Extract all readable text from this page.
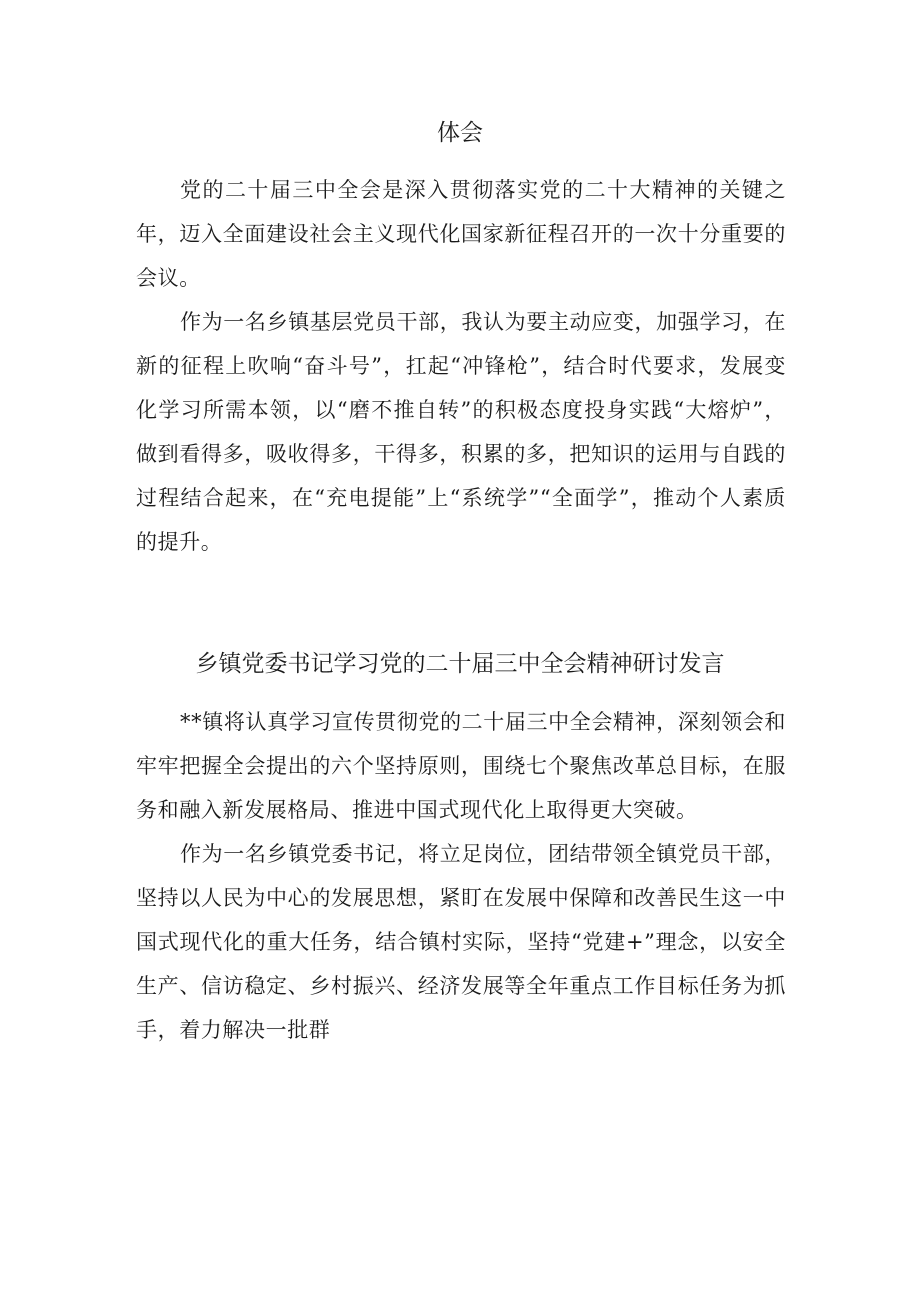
体会

党的二十届三中全会是深入贯彻落实党的二十大精神的关键之年，迈入全面建设社会主义现代化国家新征程召开的一次十分重要的会议。

作为一名乡镇基层党员干部，我认为要主动应变，加强学习，在新的征程上吹响“奋斗号”，扛起“冲锋枪”，结合时代要求，发展变化学习所需本领，以“磨不推自转”的积极态度投身实践“大熔炉”，做到看得多，吸收得多，干得多，积累的多，把知识的运用与自践的过程结合起来，在“充电提能”上“系统学”“全面学”，推动个人素质的提升。

乡镇党委书记学习党的二十届三中全会精神研讨发言

**镇将认真学习宣传贯彻党的二十届三中全会精神，深刻领会和牢牢把握全会提出的六个坚持原则，围绕七个聚焦改革总目标，在服务和融入新发展格局、推进中国式现代化上取得更大突破。

作为一名乡镇党委书记，将立足岗位，团结带领全镇党员干部，坚持以人民为中心的发展思想，紧盯在发展中保障和改善民生这一中国式现代化的重大任务，结合镇村实际，坚持“党建+”理念，以安全生产、信访稳定、乡村振兴、经济发展等全年重点工作目标任务为抓手，着力解决一批群
